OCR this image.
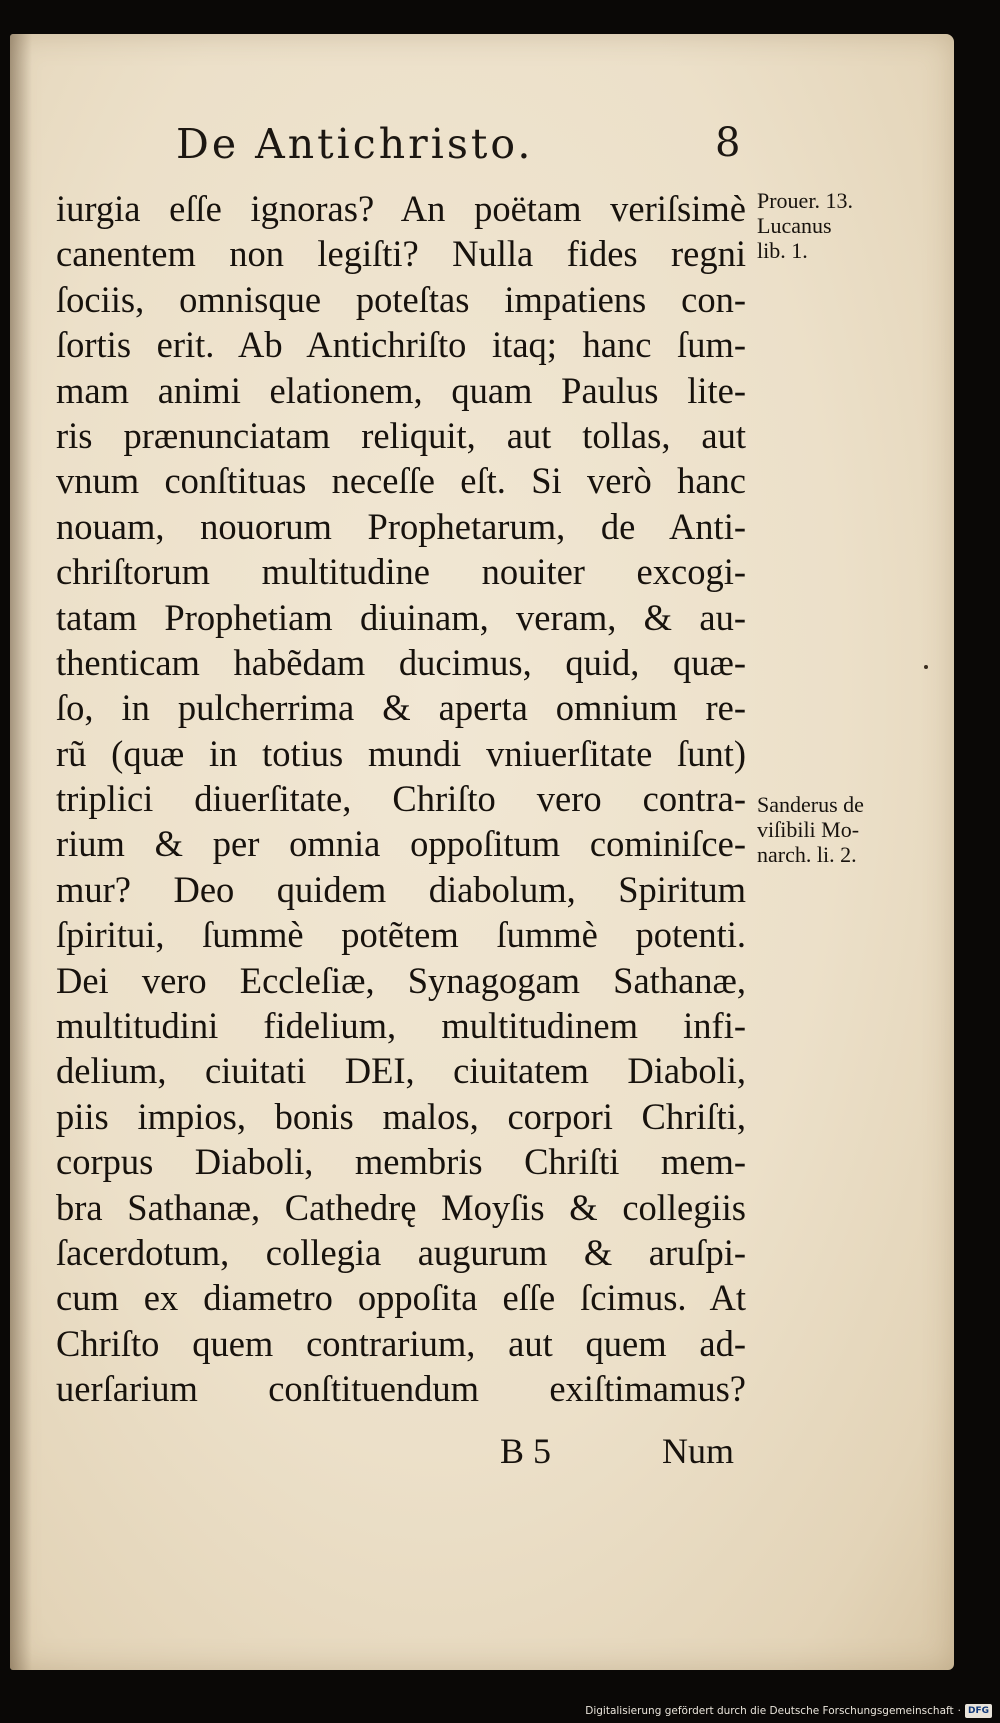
De Antichristo.	8
iurgia eſſe ignoras? An poëtam veriſsimè
canentem non legiſti? Nulla fides regni
ſociis, omnisque poteſtas impatiens con-
ſortis erit. Ab Antichriſto itaq; hanc ſum-
mam animi elationem, quam Paulus lite-
ris prænunciatam reliquit, aut tollas, aut
vnum conſtituas neceſſe eſt. Si verò hanc
nouam, nouorum Prophetarum, de Anti-
chriſtorum multitudine nouiter excogi-
tatam Prophetiam diuinam, veram, & au-
thenticam habẽdam ducimus, quid, quæ-
ſo, in pulcherrima & aperta omnium re-
rũ (quæ in totius mundi vniuerſitate ſunt)
triplici diuerſitate, Chriſto vero contra-
rium & per omnia oppoſitum cominiſce-
mur? Deo quidem diabolum, Spiritum
ſpiritui, ſummè potẽtem ſummè potenti.
Dei vero Eccleſiæ, Synagogam Sathanæ,
multitudini fidelium, multitudinem infi-
delium, ciuitati DEI, ciuitatem Diaboli,
piis impios, bonis malos, corpori Chriſti,
corpus Diaboli, membris Chriſti mem-
bra Sathanæ, Cathedrę Moyſis & collegiis
ſacerdotum, collegia augurum & aruſpi-
cum ex diametro oppoſita eſſe ſcimus. At
Chriſto quem contrarium, aut quem ad-
uerſarium conſtituendum exiſtimamus?
Prouer. 13.
Lucanus
lib. 1.
Sanderus de
viſibili Mo-
narch. li. 2.
B 5	Num
Digitalisierung gefördert durch die Deutsche Forschungsgemeinschaft · DFG
